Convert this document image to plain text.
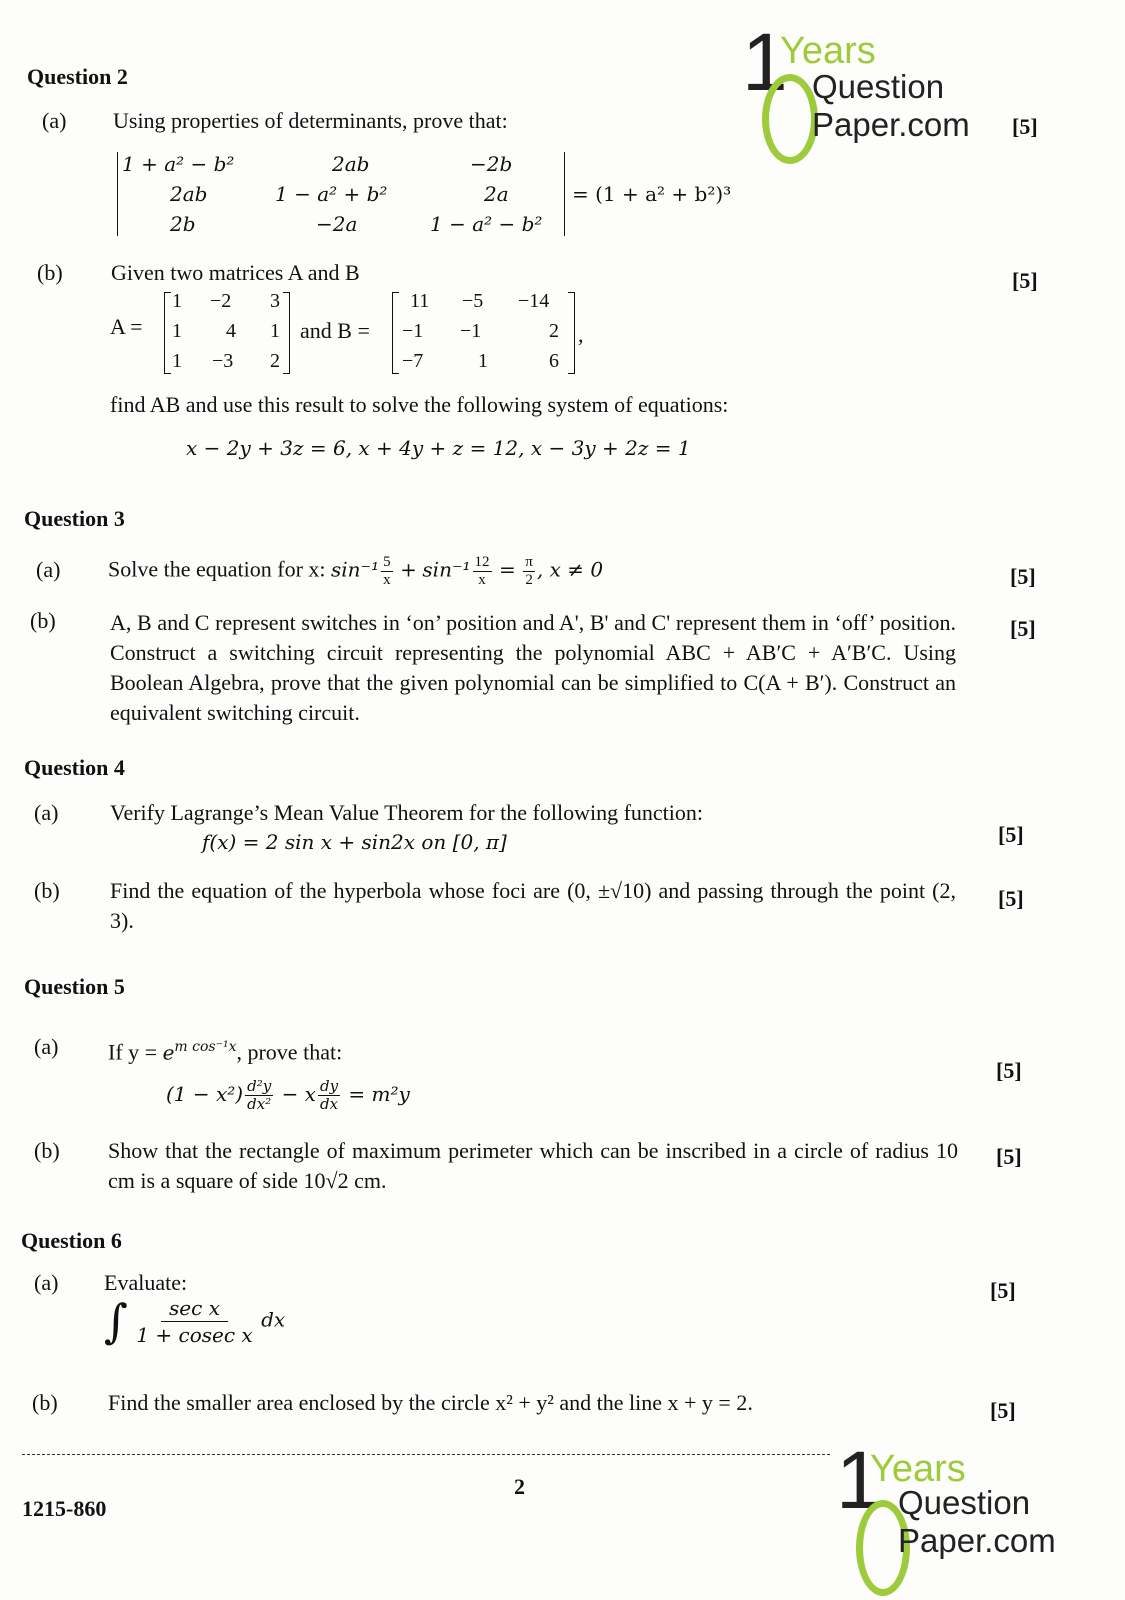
1
Years
Question
Paper.com
Question 2
(a) Using properties of determinants, prove that:	[5]
1 + a² − b²	2ab	−2b
2ab	1 − a² + b²	2a
2b	−2a	1 − a² − b²
= (1 + a² + b²)³
(b) Given two matrices A and B	[5]
A =
1 −2 3
1 4 1
1 −3 2
and B =
11 −5 −14
−1 −1	2
−7	1	6
,
find AB and use this result to solve the following system of equations:
x − 2y + 3z = 6, x + 4y + z = 12, x − 3y + 2z = 1
Question 3
(a) Solve the equation for x: $\sin^{-1} \frac{5}{x} + \sin^{-1} \frac{12}{x} = \frac{\pi}{2}$ , x ≠ 0	[5]
(b) A, B and C represent switches in ‘on’ position and A', B' and C' represent them in ‘off’ position. Construct a switching circuit representing the polynomial ABC + AB′C + A′B′C. Using Boolean Algebra, prove that the given polynomial can be simplified to C(A + B′). Construct an equivalent switching circuit.
[5]
Question 4
(a) Verify Lagrange’s Mean Value Theorem for the following function:
f(x) = 2 sin x + sin2x on [0, π]	[5]
(b) Find the equation of the hyperbola whose foci are (0, ±√10) and passing through the point (2, 3).
[5]
Question 5
(a) If $y = e^{m cos^{-1}x}$, prove that:
$(1 - x^2) \frac{\text{d²y}}{\text{dx²}} - x \frac{dy}{dx} = m^2y$
[5]
(b) Show that the rectangle of maximum perimeter which can be inscribed in a circle of radius 10 cm is a square of side 10√2 cm.
[5]
Question 6
(a) Evaluate:	[5]
∫ $\frac{\text{sec x}}{\text{1 + cosec x}}$ dx
(b) Find the smaller area enclosed by the circle x² + y² and the line x + y = 2.	[5]
2
1215-860	1
Years
Question
Paper.com
